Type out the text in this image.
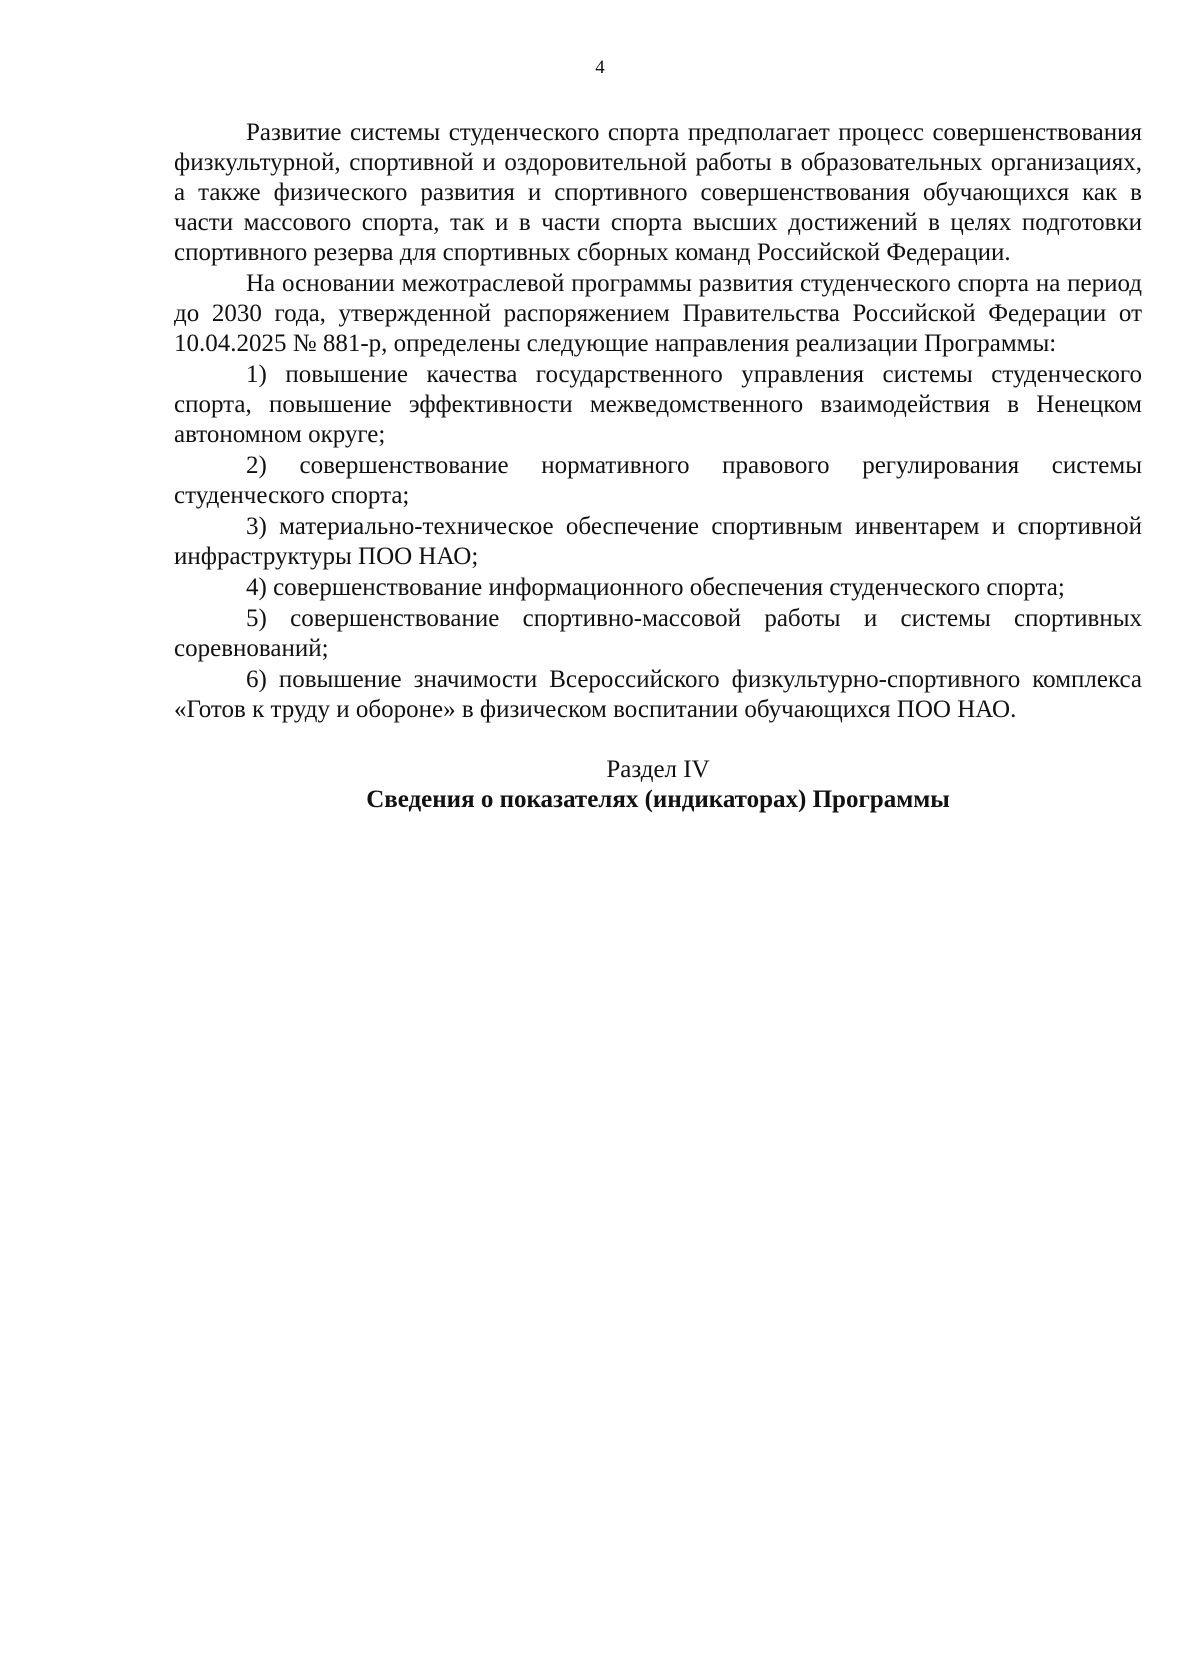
4

Развитие системы студенческого спорта предполагает процесс совершенствования физкультурной, спортивной и оздоровительной работы в образовательных организациях, а также физического развития и спортивного совершенствования обучающихся как в части массового спорта, так и в части спорта высших достижений в целях подготовки спортивного резерва для спортивных сборных команд Российской Федерации.

На основании межотраслевой программы развития студенческого спорта на период до 2030 года, утвержденной распоряжением Правительства Российской Федерации от 10.04.2025 № 881-р, определены следующие направления реализации Программы:

1) повышение качества государственного управления системы студенческого спорта, повышение эффективности межведомственного взаимодействия в Ненецком автономном округе;

2) совершенствование нормативного правового регулирования системы студенческого спорта;

3) материально-техническое обеспечение спортивным инвентарем и спортивной инфраструктуры ПОО НАО;

4) совершенствование информационного обеспечения студенческого спорта;

5) совершенствование спортивно-массовой работы и системы спортивных соревнований;

6) повышение значимости Всероссийского физкультурно-спортивного комплекса «Готов к труду и обороне» в физическом воспитании обучающихся ПОО НАО.

Раздел IV
Сведения о показателях (индикаторах) Программы
